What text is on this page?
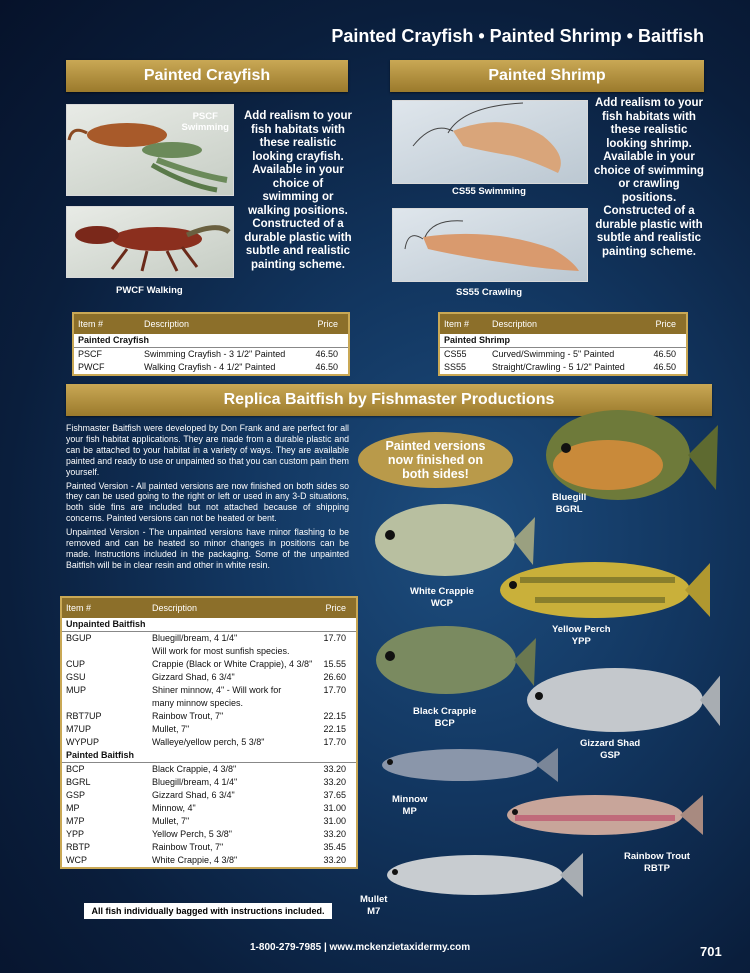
Painted Crayfish • Painted Shrimp • Baitfish
Painted Crayfish
PSCF
Swimming
PWCF Walking
Add realism to your fish habitats with these realistic looking crayfish. Available in your choice of swimming or walking positions. Constructed of a durable plastic with subtle and realistic painting scheme.
Item #	Description	Price
Painted Crayfish		
PSCF	Swimming Crayfish - 3 1/2" Painted	46.50
PWCF	Walking Crayfish - 4 1/2" Painted	46.50
Painted Shrimp
CS55 Swimming
SS55 Crawling
Add realism to your fish habitats with these realistic looking shrimp. Available in your choice of swimming or crawling positions. Constructed of a durable plastic with subtle and realistic painting scheme.
Item #	Description	Price
Painted Shrimp		
CS55	Curved/Swimming - 5" Painted	46.50
SS55	Straight/Crawling - 5 1/2" Painted	46.50
Replica Baitfish by Fishmaster Productions

Fishmaster Baitfish were developed by Don Frank and are perfect for all your fish habitat applications. They are made from a durable plastic and can be attached to your habitat in a variety of ways. They are available painted and ready to use or unpainted so that you can custom pain them yourself.

Painted Version - All painted versions are now finished on both sides so they can be used going to the right or left or used in any 3-D situations, both side fins are included but not attached because of shipping concerns. Painted versions can not be heated or bent.

Unpainted Version - The unpainted versions have minor flashing to be removed and can be heated so minor changes in positions can be made. Instructions included in the packaging. Some of the unpainted Baitfish will be in clear resin and other in white resin.

Painted versions now finished on both sides!
Item #	Description	Price
Unpainted Baitfish		
BGUP	Bluegill/bream, 4 1/4"	17.70
	Will work for most sunfish species.	
CUP	Crappie (Black or White Crappie), 4 3/8"	15.55
GSU	Gizzard Shad, 6 3/4"	26.60
MUP	Shiner minnow, 4" - Will work for	17.70
	many minnow species.	
RBT7UP	Rainbow Trout, 7"	22.15
M7UP	Mullet, 7"	22.15
WYPUP	Walleye/yellow perch, 5 3/8"	17.70
Painted Baitfish		
BCP	Black Crappie, 4 3/8"	33.20
BGRL	Bluegill/bream, 4 1/4"	33.20
GSP	Gizzard Shad, 6 3/4"	37.65
MP	Minnow, 4"	31.00
M7P	Mullet, 7"	31.00
YPP	Yellow Perch, 5 3/8"	33.20
RBTP	Rainbow Trout, 7"	35.45
WCP	White Crappie, 4 3/8"	33.20
All fish individually bagged with instructions included.
Bluegill
BGRL
White Crappie
WCP
Yellow Perch
YPP
Black Crappie
BCP
Gizzard Shad
GSP
Minnow
MP
Rainbow Trout
RBTP
Mullet
M7
1-800-279-7985 | www.mckenzietaxidermy.com	701
